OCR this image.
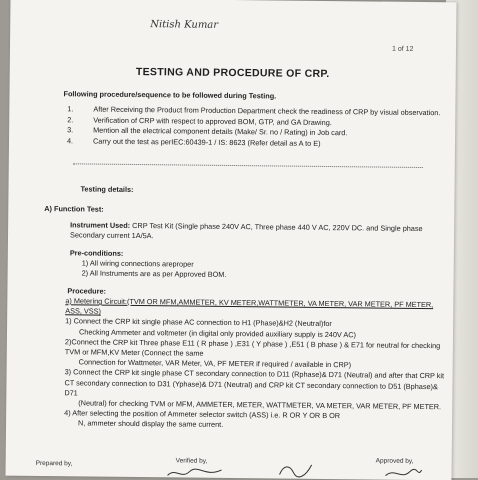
Nitish Kumar
1 of 12
TESTING AND PROCEDURE OF CRP.
Following procedure/sequence to be followed during Testing.
1.	After Receiving the Product from Production Department check the readiness of CRP by visual observation.
2.	Verification of CRP with respect to approved BOM, GTP, and GA Drawing.
3.	Mention all the electrical component details (Make/ Sr. no / Rating) in Job card.
4.	Carry out the test as perIEC:60439-1 / IS: 8623 (Refer detail as A to E)
Testing details:
A) Function Test:
Instrument Used: CRP Test Kit (Single phase 240V AC, Three phase 440 V AC, 220V DC. and Single phase Secondary current 1A/5A.
Pre-conditions:
1) All wiring connections areproper
2) All Instruments are as per Approved BOM.
Procedure:
a) Metering Circuit:(TVM OR MFM,AMMETER, KV METER,WATTMETER, VA METER, VAR METER, PF METER, ASS, VSS)
1) Connect the CRP kit single phase AC connection to H1 (Phase)&H2 (Neutral)for
Checking Ammeter and voltmeter (in digital only provided auxiliary supply is 240V AC)
2)Connect the CRP kit Three phase E11 ( R phase ) ,E31 ( Y phase ) ,E51 ( B phase ) & E71 for neutral for checking TVM or MFM,KV Meter (Connect the same
Connection for Wattmeter, VAR Meter, VA, PF METER if required / available in CRP)
3) Connect the CRP kit single phase CT secondary connection to D11 (Rphase)& D71 (Neutral) and after that CRP kit CT secondary connection to D31 (Yphase)& D71 (Neutral) and CRP kit CT secondary connection to D51 (Bphase)& D71
(Neutral) for checking TVM or MFM, AMMETER, METER, WATTMETER, VA METER, VAR METER, PF METER.
4) After selecting the position of Ammeter selector switch (ASS) i.e. R OR Y OR B OR
N, ammeter should display the same current.
Prepared by,	Verified by,	Approved by,
